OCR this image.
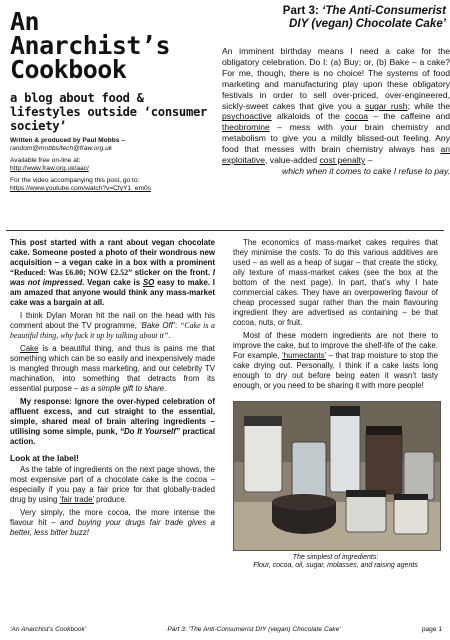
An Anarchist’s
Cookbook

a blog about food & lifestyles outside ‘consumer society’

Written & produced by Paul Mobbs –
random@mobbs/tech@fraw.org.uk

Available free on-line at:
http://www.fraw.org.uk/aac/

For the video accompanying this post, go to:
https://www.youtube.com/watch?v=CfyY1_em0s

Part 3: ‘The Anti-Consumerist
DIY (vegan) Chocolate Cake’
An imminent birthday means I need a cake for the obligatory celebration. Do I: (a) Buy; or, (b) Bake – a cake? For me, though, there is no choice! The systems of food marketing and manufacturing play upon these obligatory festivals in order to sell over-priced, over-engineered, sickly-sweet cakes that give you a sugar rush; while the psychoactive alkaloids of the cocoa – the caffeine and theobromine – mess with your brain chemistry and metabolism to give you a mildly blissed-out feeling. Any food that messes with brain chemistry always has an exploitative, value-added cost penalty –
which when it comes to cake I refuse to pay.

This post started with a rant about vegan chocolate cake. Someone posted a photo of their wondrous new acquisition – a vegan cake in a box with a prominent “Reduced: Was £6.00; NOW £2.52” sticker on the front. I was not impressed. Vegan cake is SO easy to make. I am amazed that anyone would think any mass-market cake was a bargain at all.

I think Dylan Moran hit the nail on the head with his comment about the TV programme, ‘Bake Off’: “Cake is a beautiful thing, why fuck it up by talking about it”.

Cake is a beautiful thing, and thus is pains me that something which can be so easily and inexpensively made is mangled through mass marketing, and our celebrity TV machination, into something that detracts from its essential purpose – as a simple gift to share.

My response: Ignore the over-hyped celebration of affluent excess, and cut straight to the essential, simple, shared meal of brain altering ingredients – utilising some simple, punk, “Do It Yourself” practical action.

Look at the label!

As the table of ingredients on the next page shows, the most expensive part of a chocolate cake is the cocoa – especially if you pay a fair price for that globally-traded drug by using ‘fair trade’ produce.

Very simply, the more cocoa, the more intense the flavour hit – and buying your drugs fair trade gives a better, less bitter buzz!

The economics of mass-market cakes requires that they minimise the costs. To do this various additives are used – as well as a heap of sugar – that create the sticky, oily texture of mass-market cakes (see the box at the bottom of the next page). In part, that’s why I hate commercial cakes. They have an overpowering flavour of cheap processed sugar rather than the main flavouring ingredient they are advertised as containing – be that cocoa, nuts, or fruit.

Most of these modern ingredients are not there to improve the cake, but to improve the shelf-life of the cake. For example, ‘humectants’ – that trap moisture to stop the cake drying out. Personally, I think if a cake lasts long enough to dry out before being eaten it wasn’t tasty enough, or you need to be sharing it with more people!

The simplest of ingredients:
Flour, cocoa, oil, sugar, molasses, and raising agents
‘An Anarchist’s Cookbook’	Part 3: ‘The Anti-Consumerist DIY (vegan) Chocolate Cake’	page 1
